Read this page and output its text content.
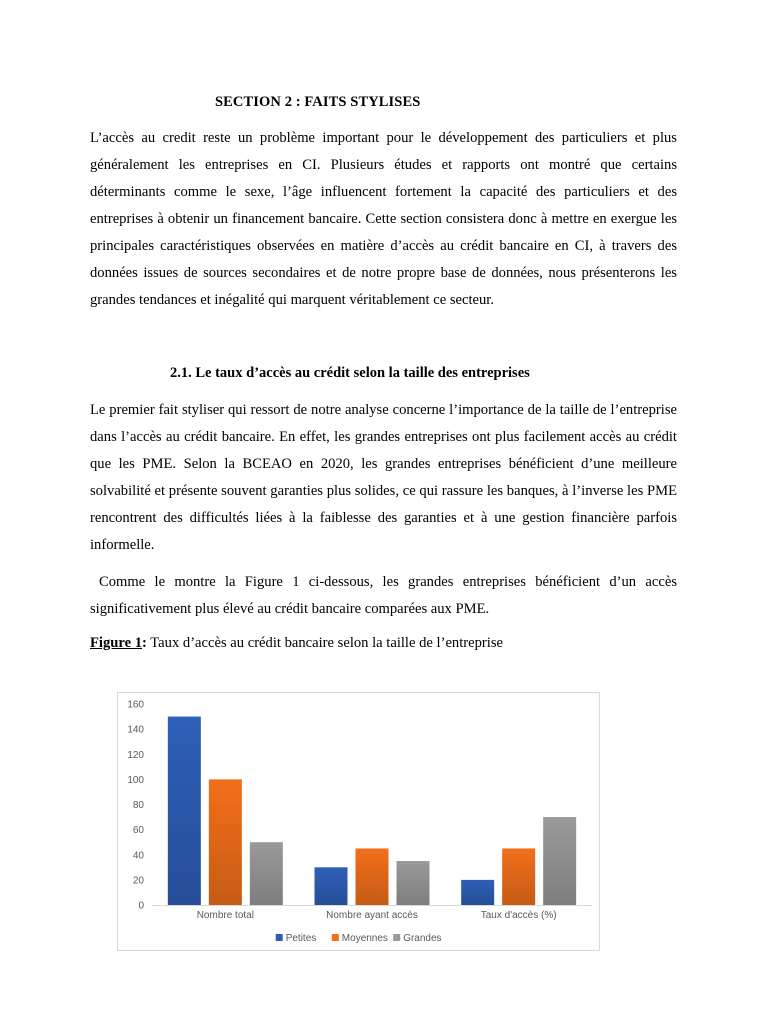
SECTION 2 : FAITS STYLISES
L’accès au credit reste un problème important pour le développement des particuliers et plus généralement les entreprises en CI. Plusieurs études et rapports ont montré que certains déterminants comme le sexe, l’âge influencent fortement la capacité des particuliers et des entreprises à obtenir un financement bancaire. Cette section consistera donc à mettre en exergue les principales caractéristiques observées en matière d’accès au crédit bancaire en CI, à travers des données issues de sources secondaires et de notre propre base de données, nous présenterons les grandes tendances et inégalité qui marquent véritablement ce secteur.
2.1. Le taux d’accès au crédit selon la taille des entreprises
Le premier fait styliser qui ressort de notre analyse concerne l’importance de la taille de l’entreprise dans l’accès au crédit bancaire. En effet, les grandes entreprises ont plus facilement accès au crédit que les PME. Selon la BCEAO en 2020, les grandes entreprises bénéficient d’une meilleure solvabilité et présente souvent garanties plus solides, ce qui rassure les banques, à l’inverse les PME rencontrent des difficultés liées à la faiblesse des garanties et à une gestion financière parfois informelle.
Comme le montre la Figure 1 ci-dessous, les grandes entreprises bénéficient d’un accès significativement plus élevé au crédit bancaire comparées aux PME.
Figure 1: Taux d’accès au crédit bancaire selon la taille de l’entreprise
0
20
40
60
80
100
120
140
160
Nombre total	Nombre ayant accès	Taux d'accès (%)
Petites	Moyennes Grandes
